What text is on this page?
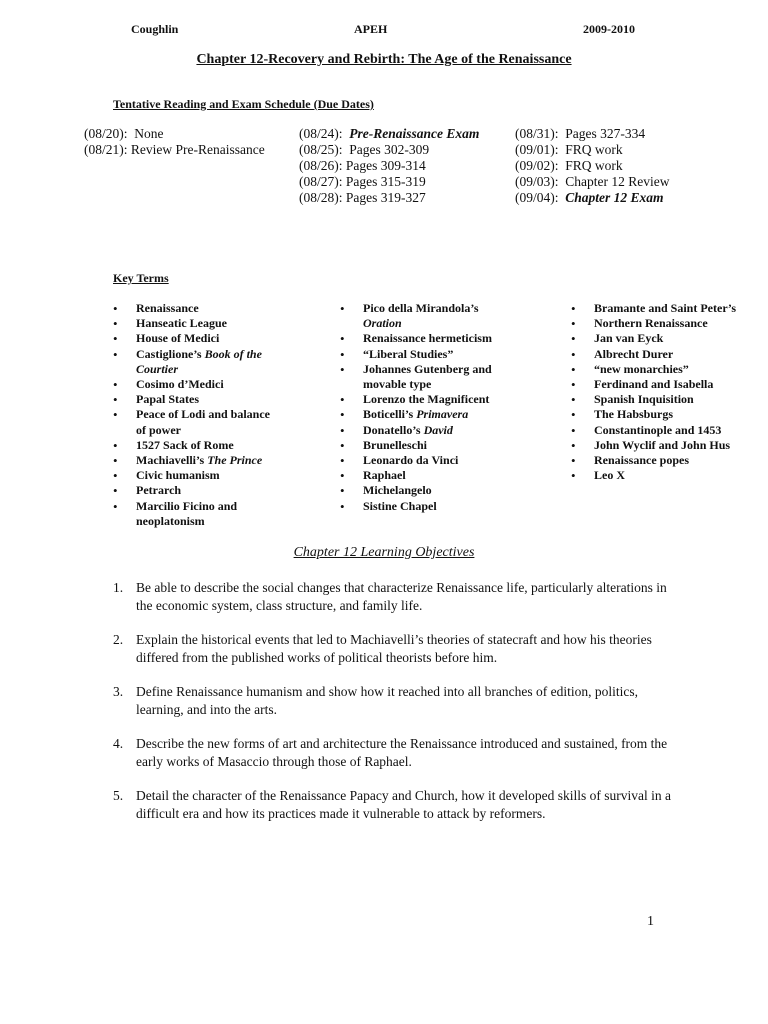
Coughlin	APEH	2009-2010
Chapter 12-Recovery and Rebirth: The Age of the Renaissance
Tentative Reading and Exam Schedule (Due Dates)
(08/20): None
(08/21): Review Pre-Renaissance
(08/24): Pre-Renaissance Exam
(08/25): Pages 302-309
(08/26): Pages 309-314
(08/27): Pages 315-319
(08/28): Pages 319-327
(08/31): Pages 327-334
(09/01): FRQ work
(09/02): FRQ work
(09/03): Chapter 12 Review
(09/04): Chapter 12 Exam
Key Terms
• Renaissance
• Hanseatic League
• House of Medici
• Castiglione’s Book of the Courtier
• Cosimo d’Medici
• Papal States
• Peace of Lodi and balance of power
• 1527 Sack of Rome
• Machiavelli’s The Prince
• Civic humanism
• Petrarch
• Marcilio Ficino and neoplatonism
• Pico della Mirandola’s Oration
• Renaissance hermeticism
• “Liberal Studies”
• Johannes Gutenberg and movable type
• Lorenzo the Magnificent
• Boticelli’s Primavera
• Donatello’s David
• Brunelleschi
• Leonardo da Vinci
• Raphael
• Michelangelo
• Sistine Chapel
• Bramante and Saint Peter’s
• Northern Renaissance
• Jan van Eyck
• Albrecht Durer
• “new monarchies”
• Ferdinand and Isabella
• Spanish Inquisition
• The Habsburgs
• Constantinople and 1453
• John Wyclif and John Hus
• Renaissance popes
• Leo X
Chapter 12 Learning Objectives
1. Be able to describe the social changes that characterize Renaissance life, particularly alterations in the economic system, class structure, and family life.
2. Explain the historical events that led to Machiavelli’s theories of statecraft and how his theories differed from the published works of political theorists before him.
3. Define Renaissance humanism and show how it reached into all branches of edition, politics, learning, and into the arts.
4. Describe the new forms of art and architecture the Renaissance introduced and sustained, from the early works of Masaccio through those of Raphael.
5. Detail the character of the Renaissance Papacy and Church, how it developed skills of survival in a difficult era and how its practices made it vulnerable to attack by reformers.
1
